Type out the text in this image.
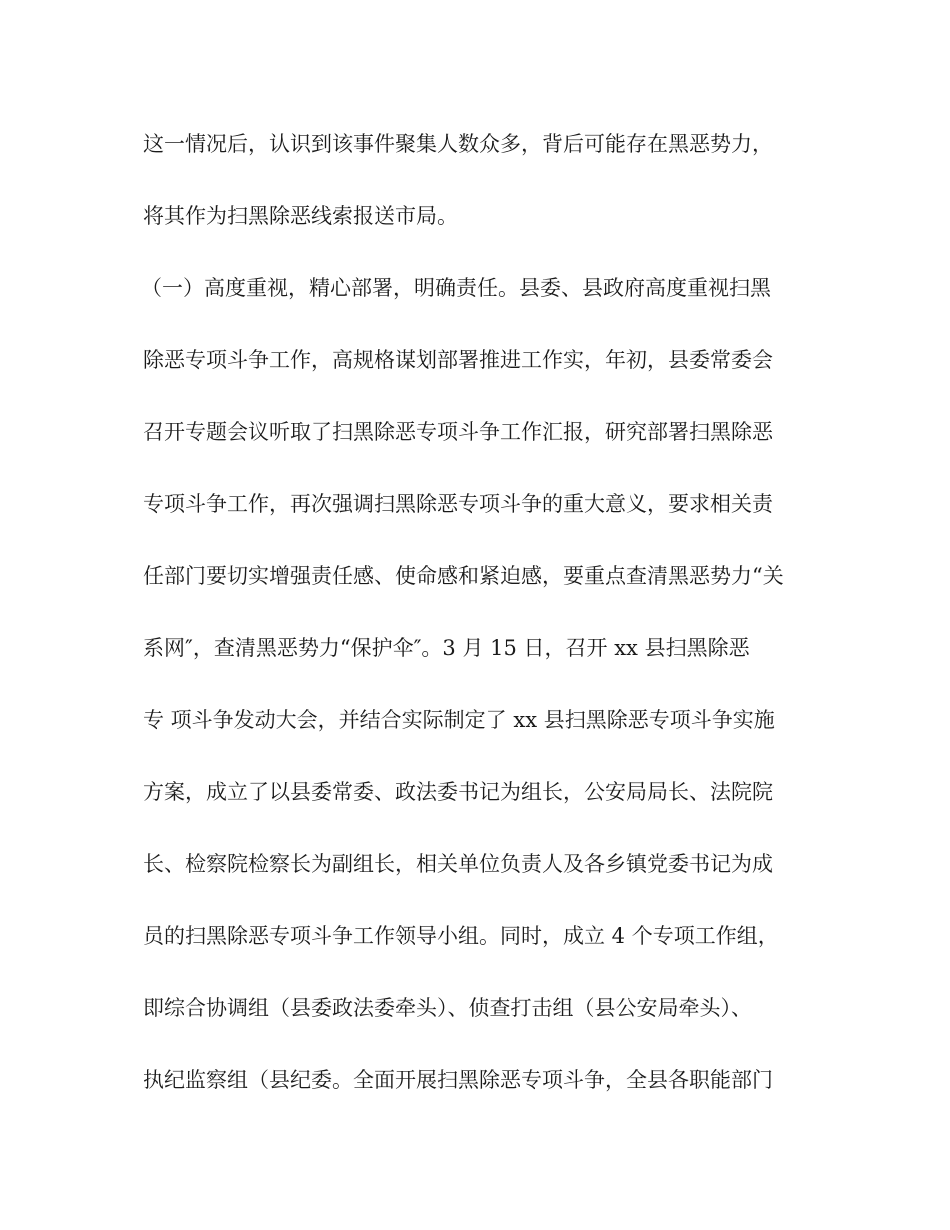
这一情况后，认识到该事件聚集人数众多，背后可能存在黑恶势力，
将其作为扫黑除恶线索报送市局。
（一）高度重视，精心部署，明确责任。县委、县政府高度重视扫黑
除恶专项斗争工作，高规格谋划部署推进工作实，年初，县委常委会
召开专题会议听取了扫黑除恶专项斗争工作汇报，研究部署扫黑除恶
专项斗争工作，再次强调扫黑除恶专项斗争的重大意义，要求相关责
任部门要切实增强责任感、使命感和紧迫感，要重点查清黑恶势力“关
系网″，查清黑恶势力“保护伞″。3 月 15 日，召开 xx 县扫黑除恶
专 项斗争发动大会，并结合实际制定了 xx 县扫黑除恶专项斗争实施
方案，成立了以县委常委、政法委书记为组长，公安局局长、法院院
长、检察院检察长为副组长，相关单位负责人及各乡镇党委书记为成
员的扫黑除恶专项斗争工作领导小组。同时，成立 4 个专项工作组，
即综合协调组（县委政法委牵头）、侦查打击组（县公安局牵头）、
执纪监察组（县纪委。全面开展扫黑除恶专项斗争，全县各职能部门
